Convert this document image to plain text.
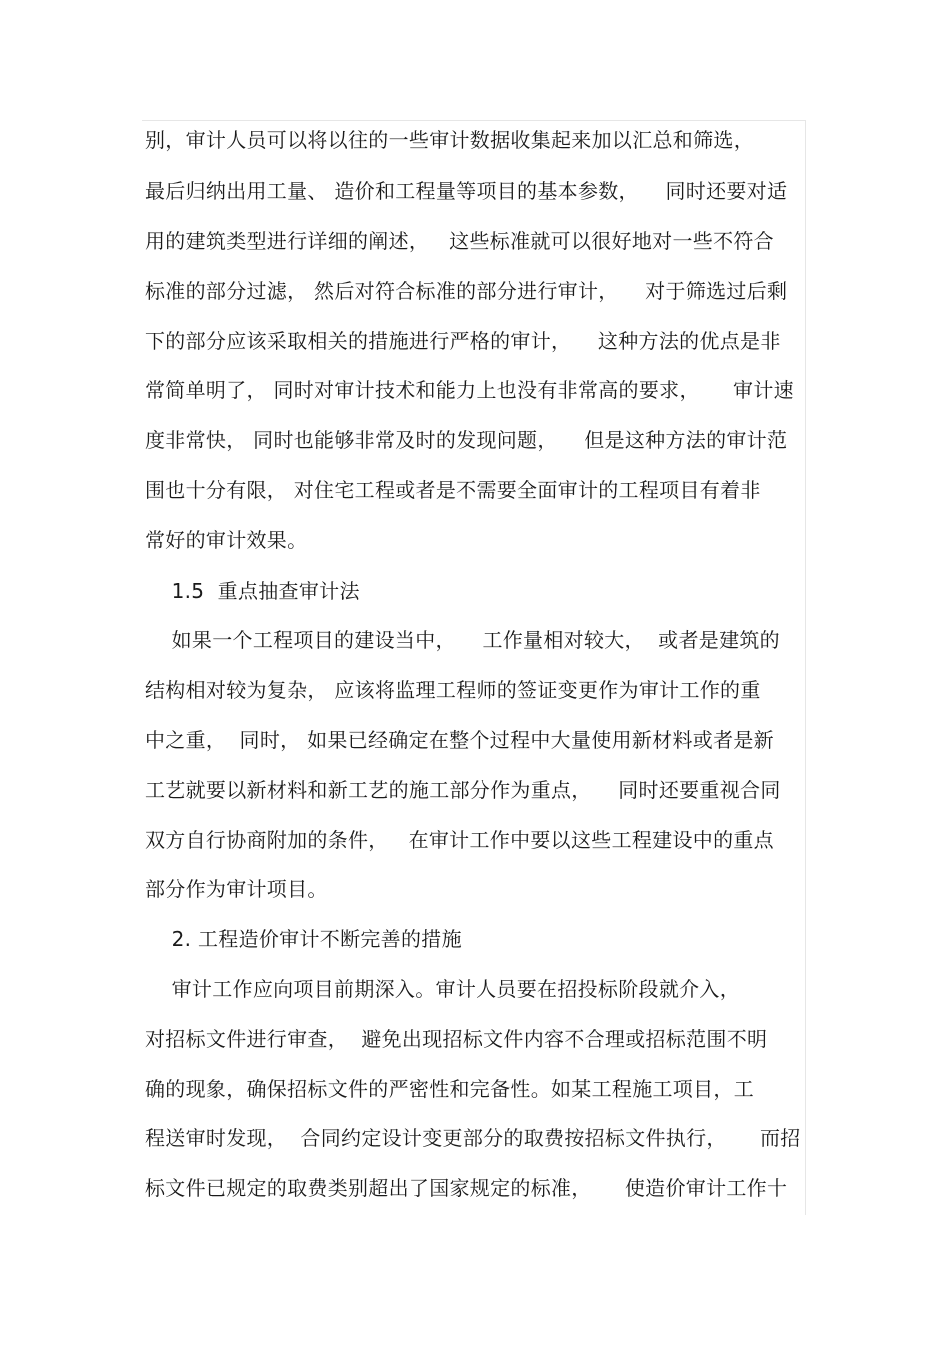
别，审计人员可以将以往的一些审计数据收集起来加以汇总和筛选，
最后归纳出用工量、 造价和工程量等项目的基本参数，    同时还要对适
用的建筑类型进行详细的阐述，   这些标准就可以很好地对一些不符合
标准的部分过滤， 然后对符合标准的部分进行审计，    对于筛选过后剩
下的部分应该采取相关的措施进行严格的审计，    这种方法的优点是非
常简单明了， 同时对审计技术和能力上也没有非常高的要求，     审计速
度非常快， 同时也能够非常及时的发现问题，    但是这种方法的审计范
围也十分有限， 对住宅工程或者是不需要全面审计的工程项目有着非
常好的审计效果。
1.5  重点抽查审计法
如果一个工程项目的建设当中，    工作量相对较大，  或者是建筑的
结构相对较为复杂， 应该将监理工程师的签证变更作为审计工作的重
中之重，  同时， 如果已经确定在整个过程中大量使用新材料或者是新
工艺就要以新材料和新工艺的施工部分作为重点，    同时还要重视合同
双方自行协商附加的条件，   在审计工作中要以这些工程建设中的重点
部分作为审计项目。
2. 工程造价审计不断完善的措施
审计工作应向项目前期深入。审计人员要在招投标阶段就介入，
对招标文件进行审查，  避免出现招标文件内容不合理或招标范围不明
确的现象，确保招标文件的严密性和完备性。如某工程施工项目，工
程送审时发现，  合同约定设计变更部分的取费按招标文件执行，     而招
标文件已规定的取费类别超出了国家规定的标准，     使造价审计工作十
